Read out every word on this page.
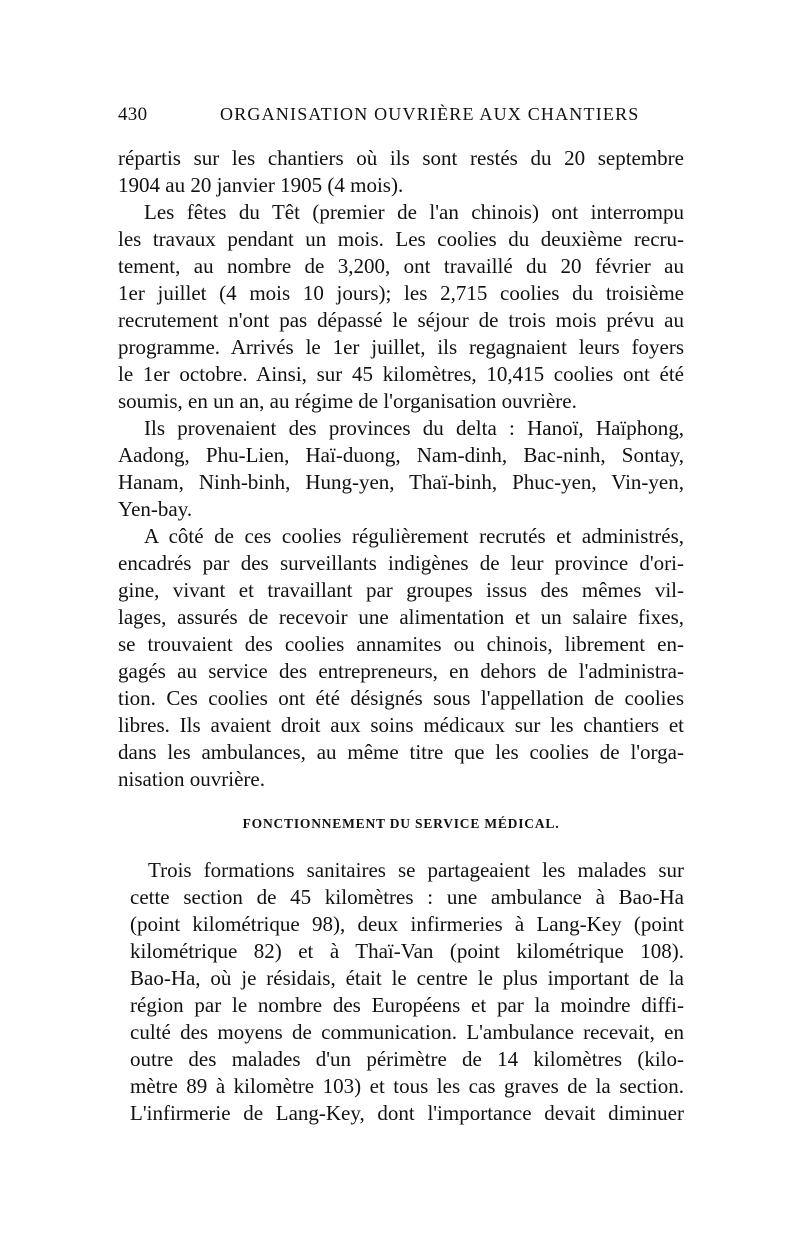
430	ORGANISATION OUVRIÈRE AUX CHANTIERS
répartis sur les chantiers où ils sont restés du 20 septembre
1904 au 20 janvier 1905 (4 mois).
Les fêtes du Têt (premier de l'an chinois) ont interrompu
les travaux pendant un mois. Les coolies du deuxième recru-
tement, au nombre de 3,200, ont travaillé du 20 février au
1er juillet (4 mois 10 jours); les 2,715 coolies du troisième
recrutement n'ont pas dépassé le séjour de trois mois prévu au
programme. Arrivés le 1er juillet, ils regagnaient leurs foyers
le 1er octobre. Ainsi, sur 45 kilomètres, 10,415 coolies ont été
soumis, en un an, au régime de l'organisation ouvrière.
Ils provenaient des provinces du delta : Hanoï, Haïphong,
Aadong, Phu-Lien, Haï-duong, Nam-dinh, Bac-ninh, Sontay,
Hanam, Ninh-binh, Hung-yen, Thaï-binh, Phuc-yen, Vin-yen,
Yen-bay.
A côté de ces coolies régulièrement recrutés et administrés,
encadrés par des surveillants indigènes de leur province d'ori-
gine, vivant et travaillant par groupes issus des mêmes vil-
lages, assurés de recevoir une alimentation et un salaire fixes,
se trouvaient des coolies annamites ou chinois, librement en-
gagés au service des entrepreneurs, en dehors de l'administra-
tion. Ces coolies ont été désignés sous l'appellation de coolies
libres. Ils avaient droit aux soins médicaux sur les chantiers et
dans les ambulances, au même titre que les coolies de l'orga-
nisation ouvrière.
FONCTIONNEMENT DU SERVICE MÉDICAL.
Trois formations sanitaires se partageaient les malades sur
cette section de 45 kilomètres : une ambulance à Bao-Ha
(point kilométrique 98), deux infirmeries à Lang-Key (point
kilométrique 82) et à Thaï-Van (point kilométrique 108).
Bao-Ha, où je résidais, était le centre le plus important de la
région par le nombre des Européens et par la moindre diffi-
culté des moyens de communication. L'ambulance recevait, en
outre des malades d'un périmètre de 14 kilomètres (kilo-
mètre 89 à kilomètre 103) et tous les cas graves de la section.
L'infirmerie de Lang-Key, dont l'importance devait diminuer
